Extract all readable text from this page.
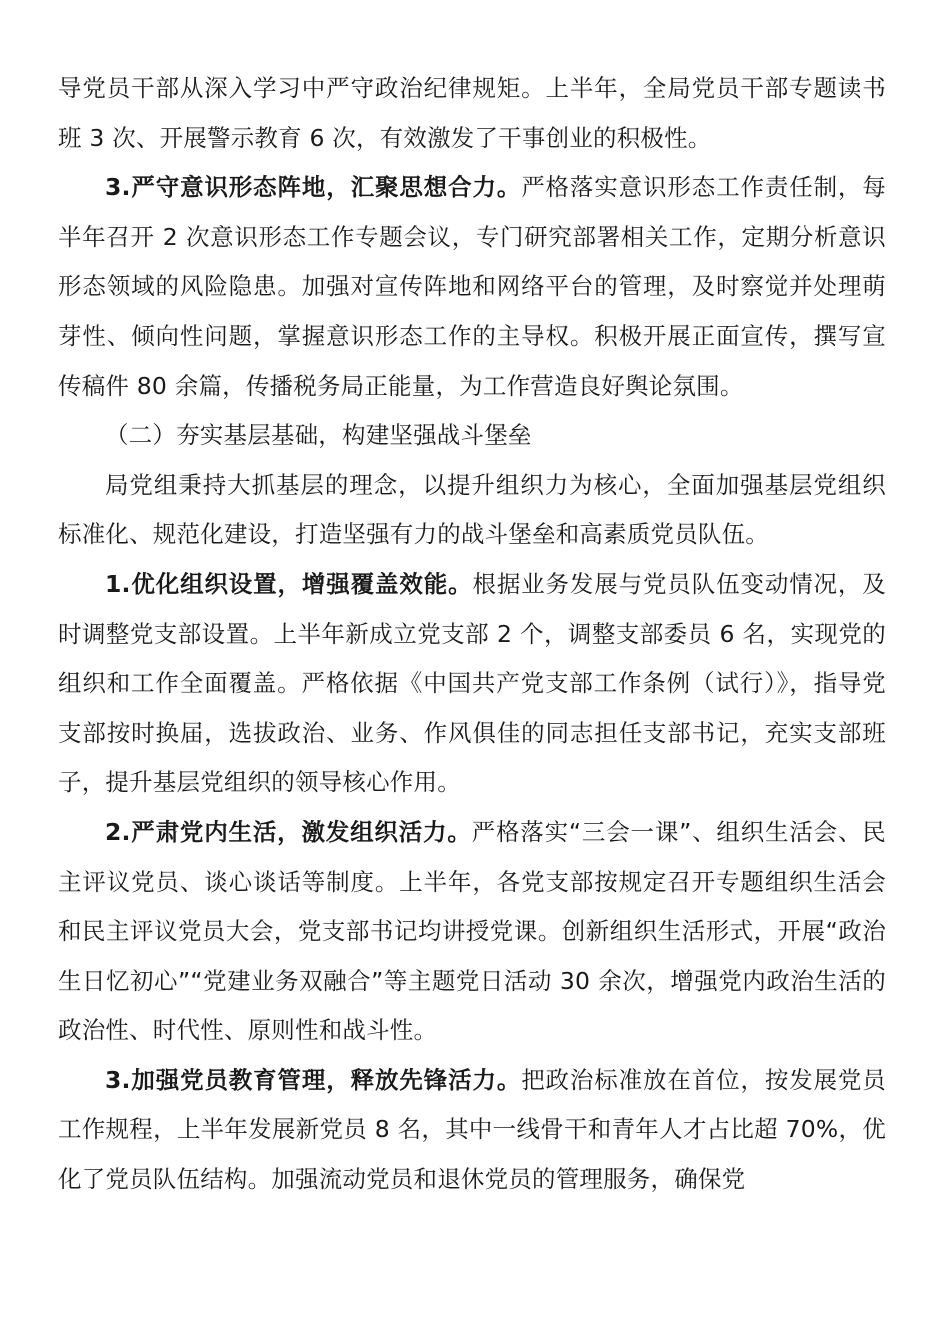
导党员干部从深入学习中严守政治纪律规矩。上半年，全局党员干部专题读书班 3 次、开展警示教育 6 次，有效激发了干事创业的积极性。

3.严守意识形态阵地，汇聚思想合力。严格落实意识形态工作责任制，每半年召开 2 次意识形态工作专题会议，专门研究部署相关工作，定期分析意识形态领域的风险隐患。加强对宣传阵地和网络平台的管理，及时察觉并处理萌芽性、倾向性问题，掌握意识形态工作的主导权。积极开展正面宣传，撰写宣传稿件 80 余篇，传播税务局正能量，为工作营造良好舆论氛围。

（二）夯实基层基础，构建坚强战斗堡垒

局党组秉持大抓基层的理念，以提升组织力为核心，全面加强基层党组织标准化、规范化建设，打造坚强有力的战斗堡垒和高素质党员队伍。

1.优化组织设置，增强覆盖效能。根据业务发展与党员队伍变动情况，及时调整党支部设置。上半年新成立党支部 2 个，调整支部委员 6 名，实现党的组织和工作全面覆盖。严格依据《中国共产党支部工作条例（试行）》，指导党支部按时换届，选拔政治、业务、作风俱佳的同志担任支部书记，充实支部班子，提升基层党组织的领导核心作用。

2.严肃党内生活，激发组织活力。严格落实“三会一课”、组织生活会、民主评议党员、谈心谈话等制度。上半年，各党支部按规定召开专题组织生活会和民主评议党员大会，党支部书记均讲授党课。创新组织生活形式，开展“政治生日忆初心”“党建业务双融合”等主题党日活动 30 余次，增强党内政治生活的政治性、时代性、原则性和战斗性。

3.加强党员教育管理，释放先锋活力。把政治标准放在首位，按发展党员工作规程，上半年发展新党员 8 名，其中一线骨干和青年人才占比超 70%，优化了党员队伍结构。加强流动党员和退休党员的管理服务，确保党
